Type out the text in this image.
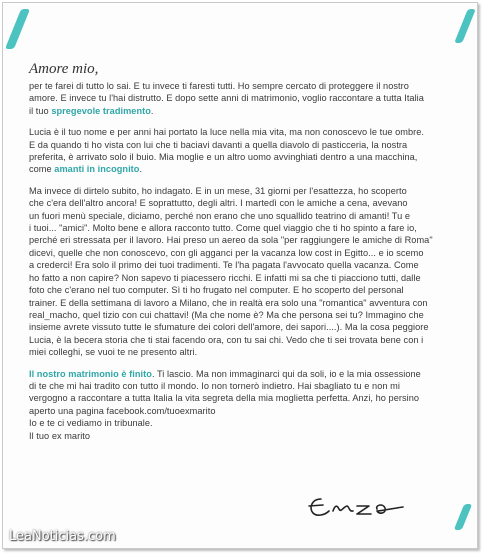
Amore mio,

per te farei di tutto lo sai. E tu invece ti faresti tutti. Ho sempre cercato di proteggere il nostro
amore. E invece tu l'hai distrutto. E dopo sette anni di matrimonio, voglio raccontare a tutta Italia
il tuo spregevole tradimento.

Lucia è il tuo nome e per anni hai portato la luce nella mia vita, ma non conoscevo le tue ombre.
E da quando ti ho vista con lui che ti baciavi davanti a quella diavolo di pasticceria, la nostra
preferita, è arrivato solo il buio. Mia moglie e un altro uomo avvinghiati dentro a una macchina,
come amanti in incognito.

Ma invece di dirtelo subito, ho indagato. E in un mese, 31 giorni per l'esattezza, ho scoperto
che c'era dell'altro ancora! E soprattutto, degli altri. I martedì con le amiche a cena, avevano
un fuori menù speciale, diciamo, perché non erano che uno squallido teatrino di amanti! Tu e
i tuoi... "amici". Molto bene e allora racconto tutto. Come quel viaggio che ti ho spinto a fare io,
perché eri stressata per il lavoro. Hai preso un aereo da sola "per raggiungere le amiche di Roma"
dicevi, quelle che non conoscevo, con gli agganci per la vacanza low cost in Egitto... e io scemo
a crederci! Era solo il primo dei tuoi tradimenti. Te l'ha pagata l'avvocato quella vacanza. Come
ho fatto a non capire? Non sapevo ti piacessero ricchi. E infatti mi sa che ti piacciono tutti, dalle
foto che c'erano nel tuo computer. Sì ti ho frugato nel computer. E ho scoperto del personal
trainer. E della settimana di lavoro a Milano, che in realtà era solo una "romantica" avventura con
real_macho, quel tizio con cui chattavi! (Ma che nome è? Ma che persona sei tu? Immagino che
insieme avrete vissuto tutte le sfumature dei colori dell'amore, dei sapori....). Ma la cosa peggiore
Lucia, è la becera storia che ti stai facendo ora, con tu sai chi. Vedo che ti sei trovata bene con i
miei colleghi, se vuoi te ne presento altri.

Il nostro matrimonio è finito. Ti lascio. Ma non immaginarci qui da soli, io e la mia ossessione
di te che mi hai tradito con tutto il mondo. Io non tornerò indietro. Hai sbagliato tu e non mi
vergogno a raccontare a tutta Italia la vita segreta della mia moglietta perfetta. Anzi, ho persino
aperto una pagina facebook.com/tuoexmarito
Io e te ci vediamo in tribunale.
Il tuo ex marito

LeaNoticias.com
